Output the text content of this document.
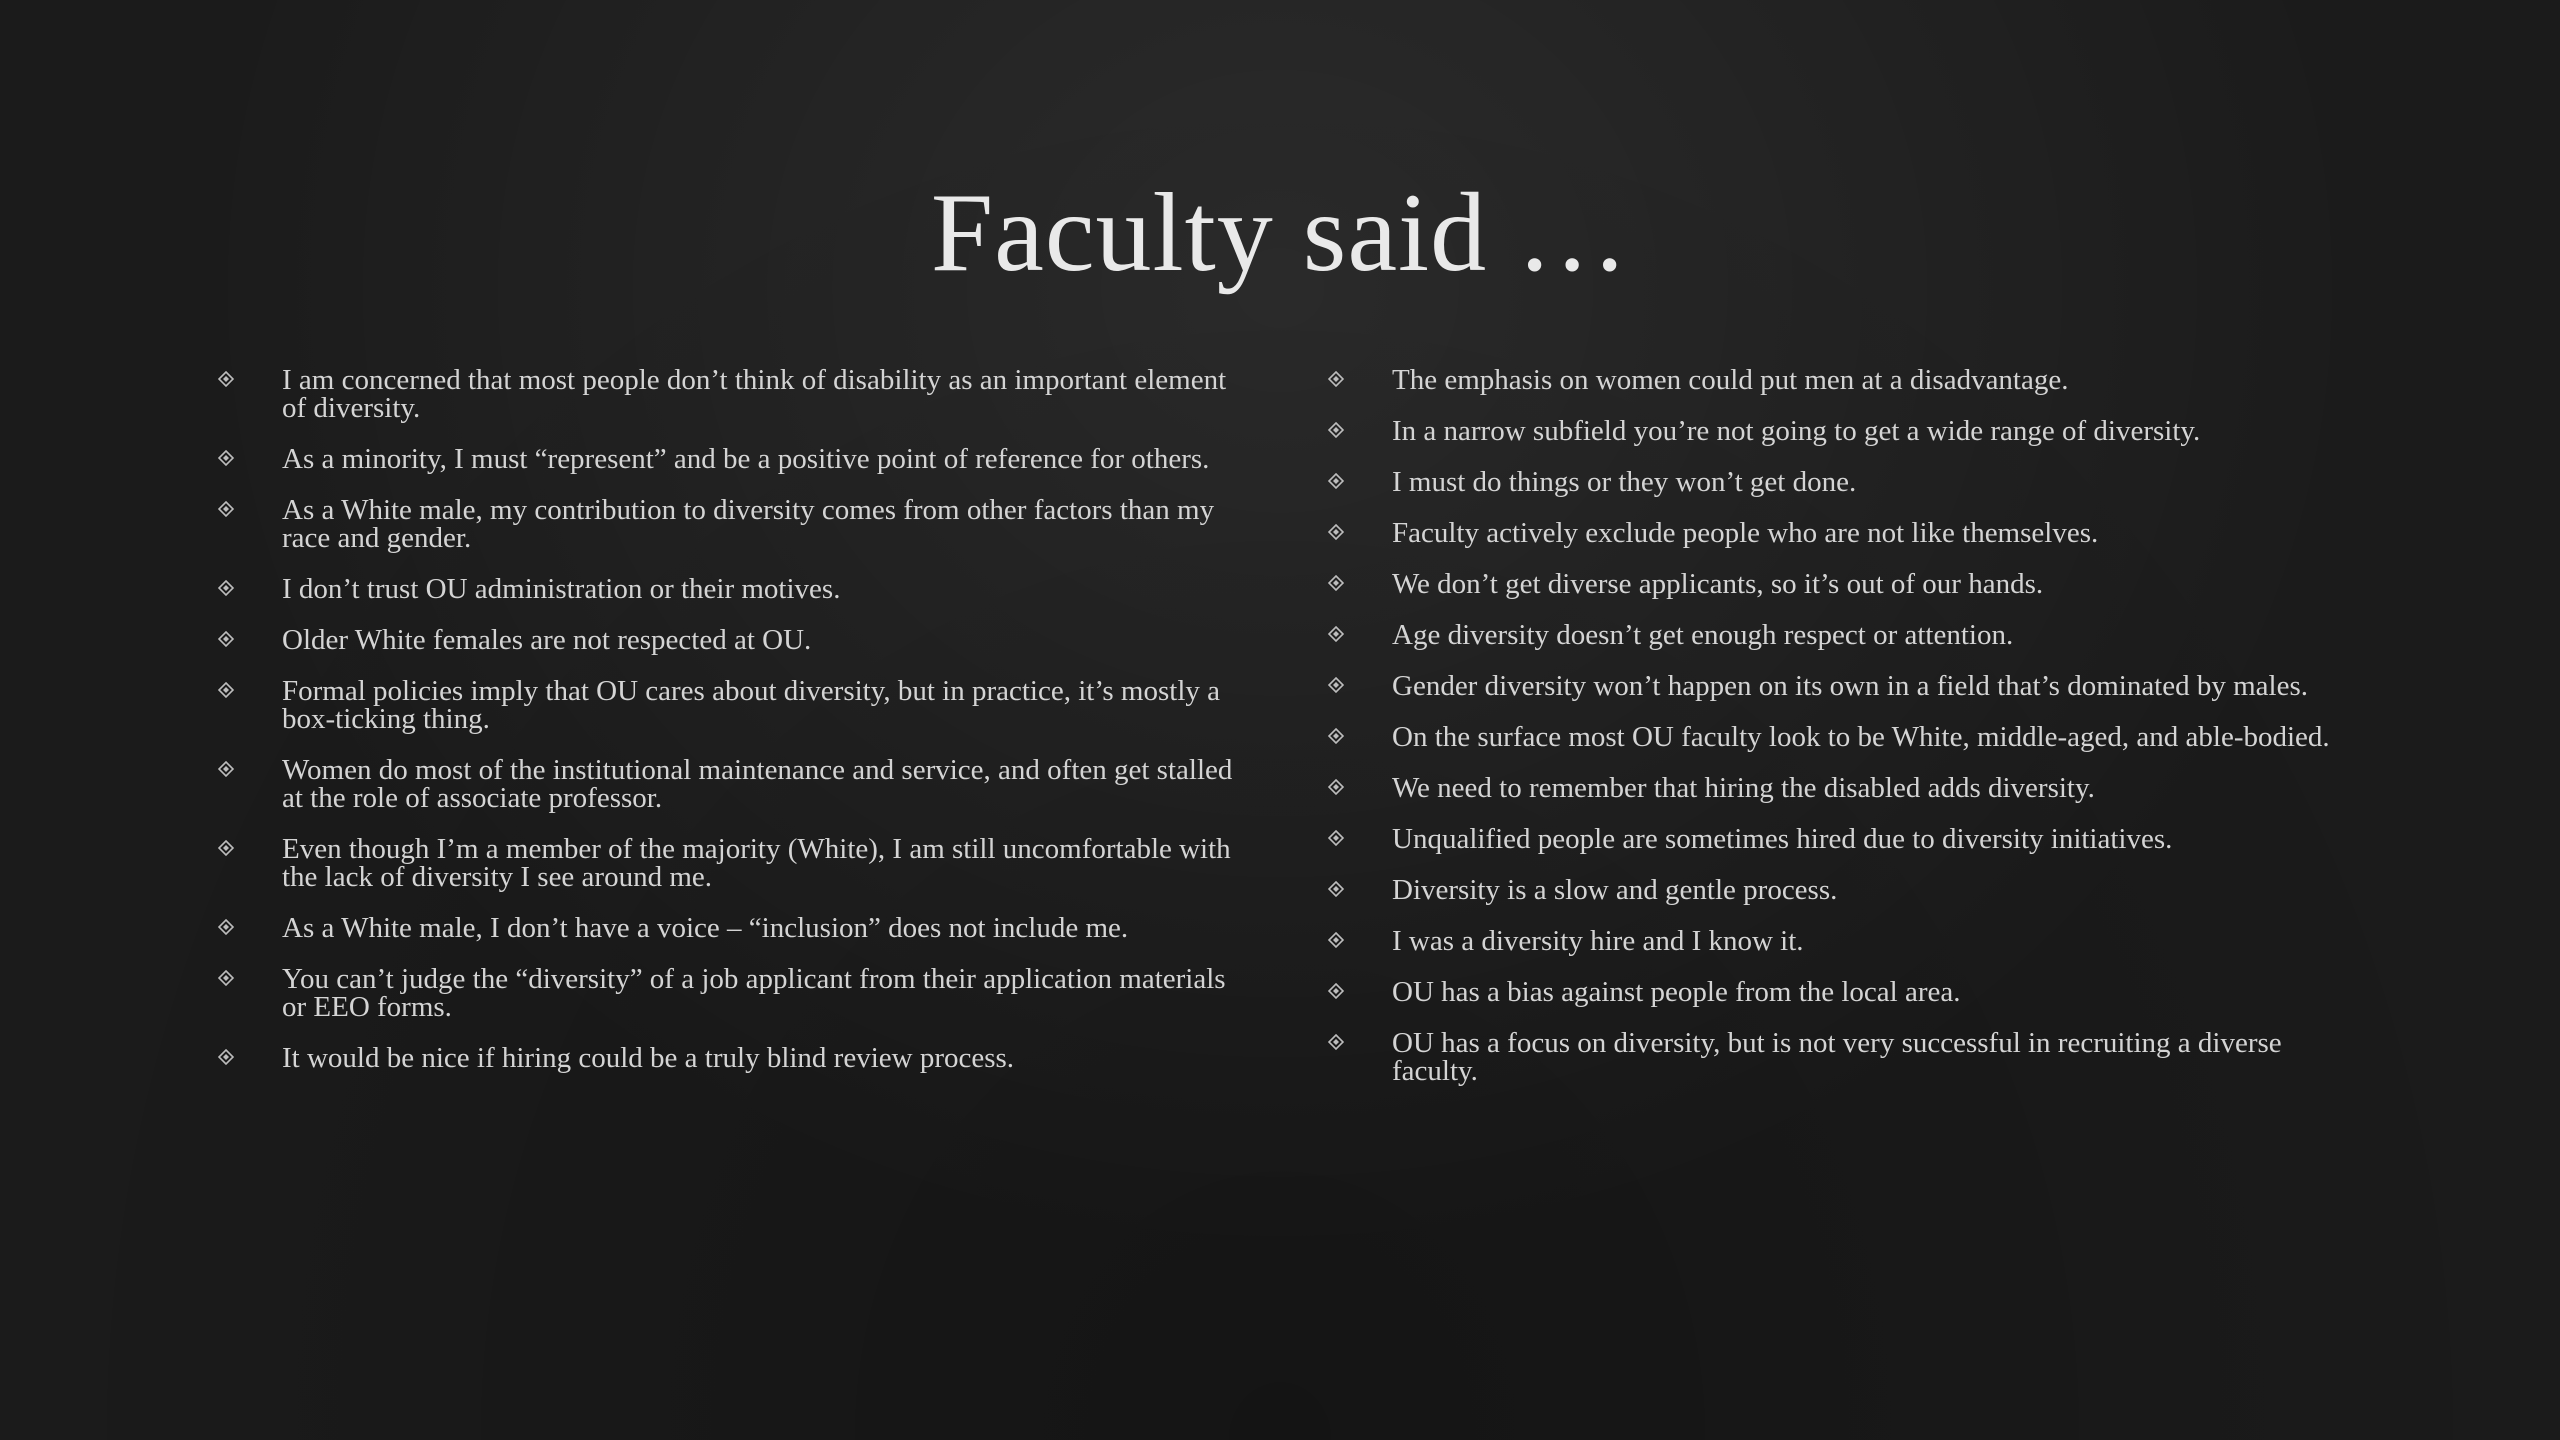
Faculty said …
I am concerned that most people don’t think of disability as an important element of diversity.
As a minority, I must “represent” and be a positive point of reference for others.
As a White male, my contribution to diversity comes from other factors than my race and gender.
I don’t trust OU administration or their motives.
Older White females are not respected at OU.
Formal policies imply that OU cares about diversity, but in practice, it’s mostly a box-ticking thing.
Women do most of the institutional maintenance and service, and often get stalled at the role of associate professor.
Even though I’m a member of the majority (White), I am still uncomfortable with the lack of diversity I see around me.
As a White male, I don’t have a voice – “inclusion” does not include me.
You can’t judge the “diversity” of a job applicant from their application materials or EEO forms.
It would be nice if hiring could be a truly blind review process.
The emphasis on women could put men at a disadvantage.
In a narrow subfield you’re not going to get a wide range of diversity.
I must do things or they won’t get done.
Faculty actively exclude people who are not like themselves.
We don’t get diverse applicants, so it’s out of our hands.
Age diversity doesn’t get enough respect or attention.
Gender diversity won’t happen on its own in a field that’s dominated by males.
On the surface most OU faculty look to be White, middle-aged, and able-bodied.
We need to remember that hiring the disabled adds diversity.
Unqualified people are sometimes hired due to diversity initiatives.
Diversity is a slow and gentle process.
I was a diversity hire and I know it.
OU has a bias against people from the local area.
OU has a focus on diversity, but is not very successful in recruiting a diverse faculty.
